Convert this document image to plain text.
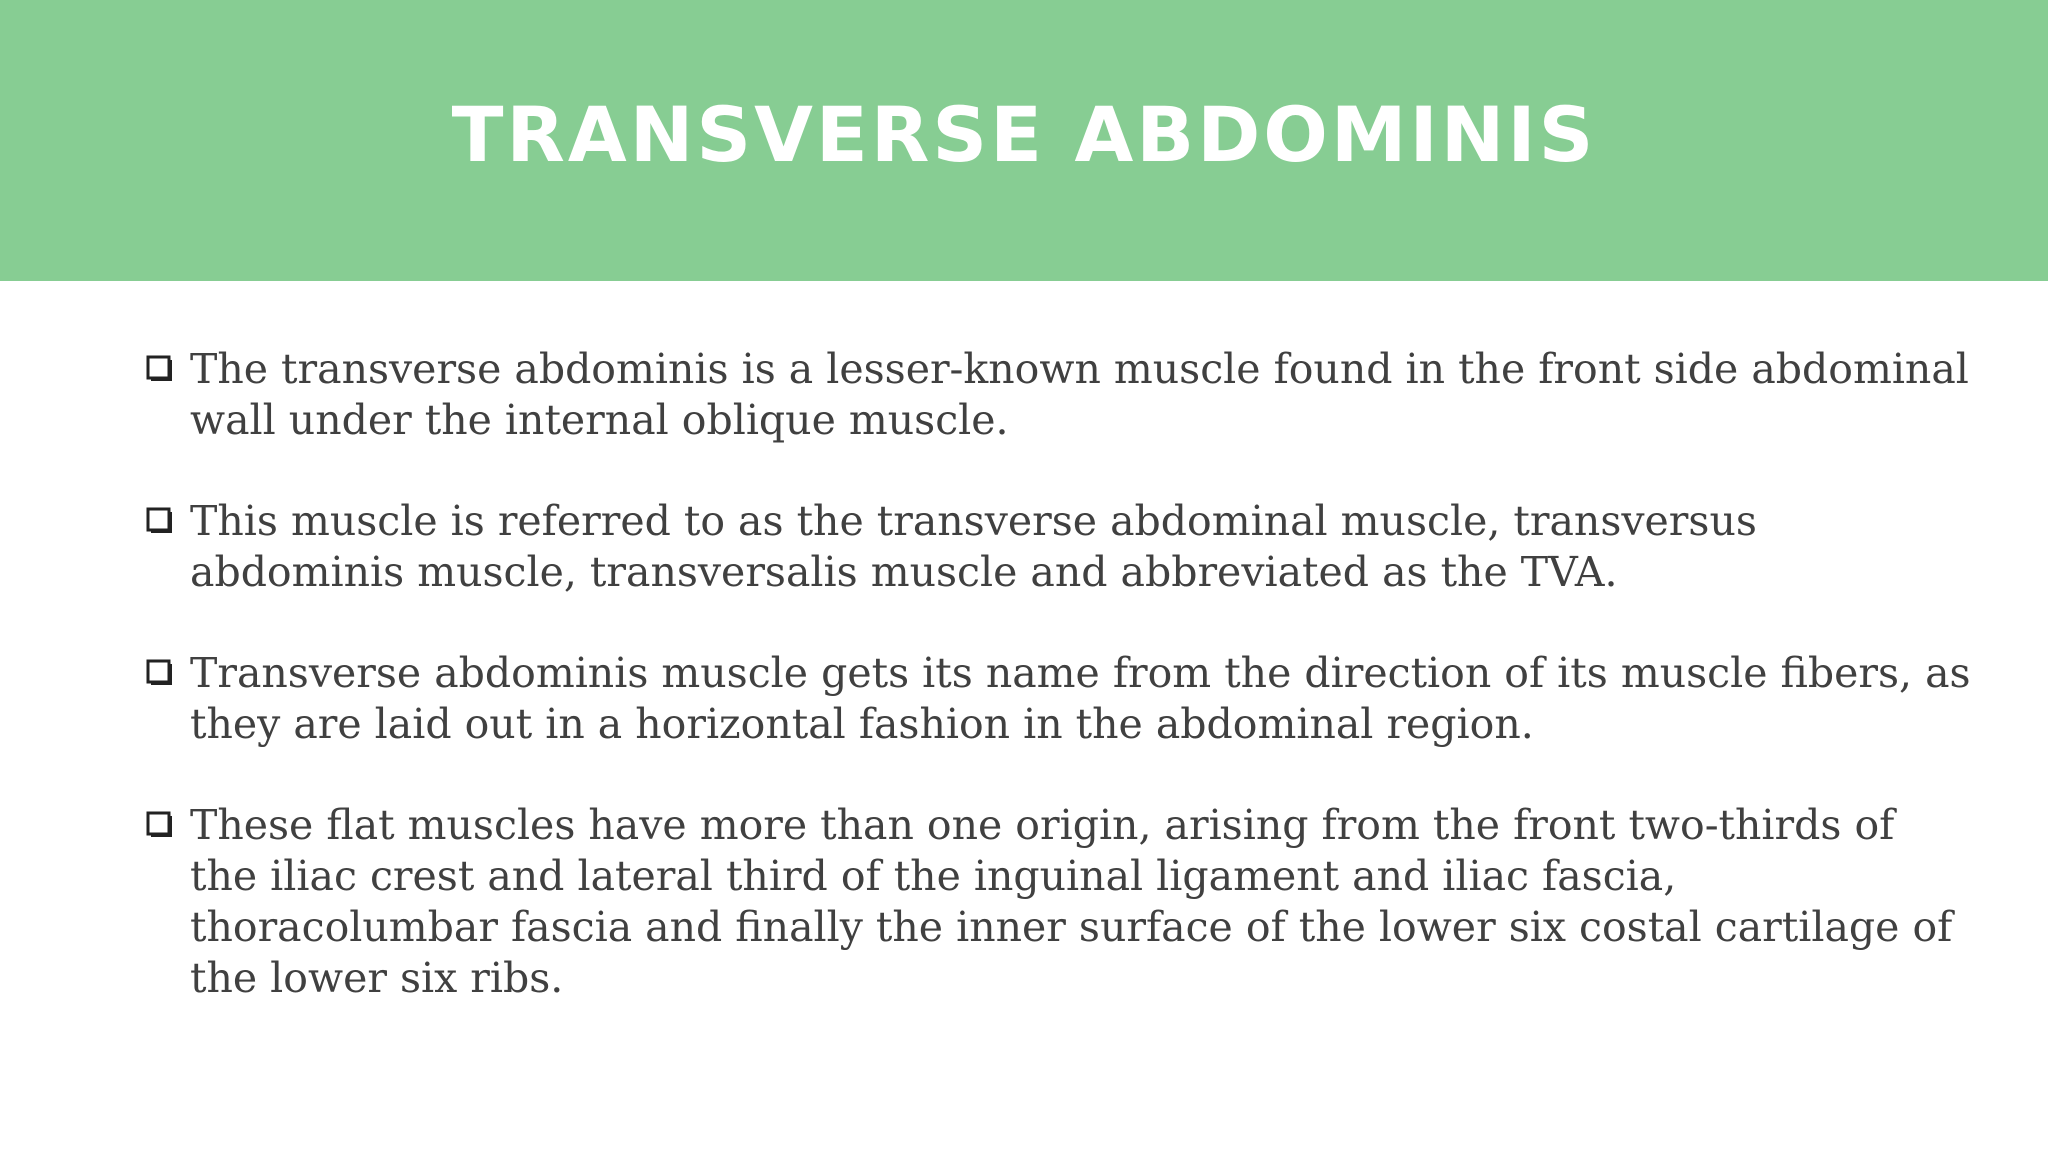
TRANSVERSE ABDOMINIS
The transverse abdominis is a lesser-known muscle found in the front side abdominal wall under the internal oblique muscle.
This muscle is referred to as the transverse abdominal muscle, transversus abdominis muscle, transversalis muscle and abbreviated as the TVA.
Transverse abdominis muscle gets its name from the direction of its muscle fibers, as they are laid out in a horizontal fashion in the abdominal region.
These flat muscles have more than one origin, arising from the front two-thirds of the iliac crest and lateral third of the inguinal ligament and iliac fascia, thoracolumbar fascia and finally the inner surface of the lower six costal cartilage of the lower six ribs.
